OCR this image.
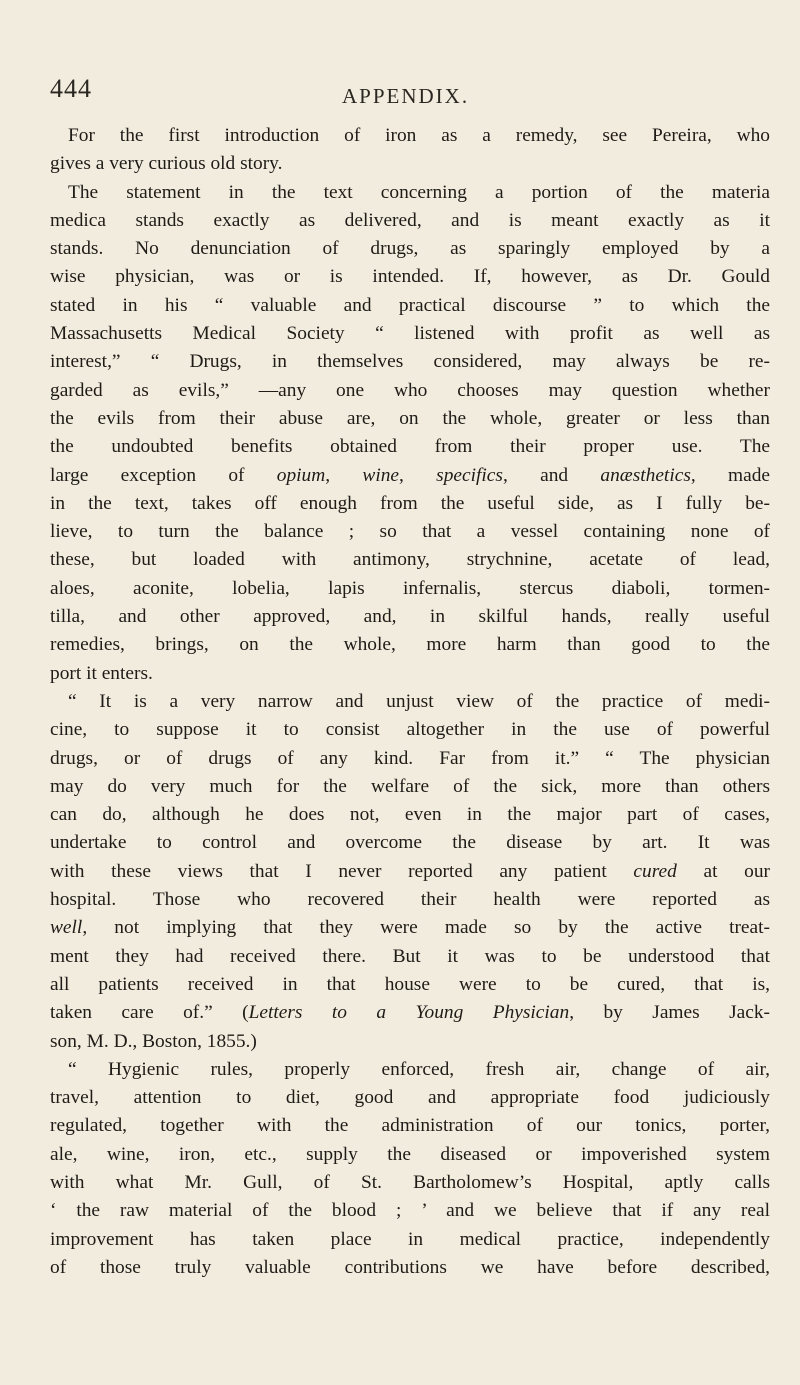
444	APPENDIX.
For the first introduction of iron as a remedy, see Pereira, who
gives a very curious old story.
The statement in the text concerning a portion of the materia
medica stands exactly as delivered, and is meant exactly as it
stands. No denunciation of drugs, as sparingly employed by a
wise physician, was or is intended. If, however, as Dr. Gould
stated in his “ valuable and practical discourse ” to which the
Massachusetts Medical Society “ listened with profit as well as
interest,” “ Drugs, in themselves considered, may always be re-
garded as evils,” —any one who chooses may question whether
the evils from their abuse are, on the whole, greater or less than
the undoubted benefits obtained from their proper use. The
large exception of opium, wine, specifics, and anæsthetics, made
in the text, takes off enough from the useful side, as I fully be-
lieve, to turn the balance ; so that a vessel containing none of
these, but loaded with antimony, strychnine, acetate of lead,
aloes, aconite, lobelia, lapis infernalis, stercus diaboli, tormen-
tilla, and other approved, and, in skilful hands, really useful
remedies, brings, on the whole, more harm than good to the
port it enters.
“ It is a very narrow and unjust view of the practice of medi-
cine, to suppose it to consist altogether in the use of powerful
drugs, or of drugs of any kind. Far from it.” “ The physician
may do very much for the welfare of the sick, more than others
can do, although he does not, even in the major part of cases,
undertake to control and overcome the disease by art. It was
with these views that I never reported any patient cured at our
hospital. Those who recovered their health were reported as
well, not implying that they were made so by the active treat-
ment they had received there. But it was to be understood that
all patients received in that house were to be cured, that is,
taken care of.” (Letters to a Young Physician, by James Jack-
son, M. D., Boston, 1855.)
“ Hygienic rules, properly enforced, fresh air, change of air,
travel, attention to diet, good and appropriate food judiciously
regulated, together with the administration of our tonics, porter,
ale, wine, iron, etc., supply the diseased or impoverished system
with what Mr. Gull, of St. Bartholomew’s Hospital, aptly calls
‘ the raw material of the blood ; ’ and we believe that if any real
improvement has taken place in medical practice, independently
of those truly valuable contributions we have before described,
